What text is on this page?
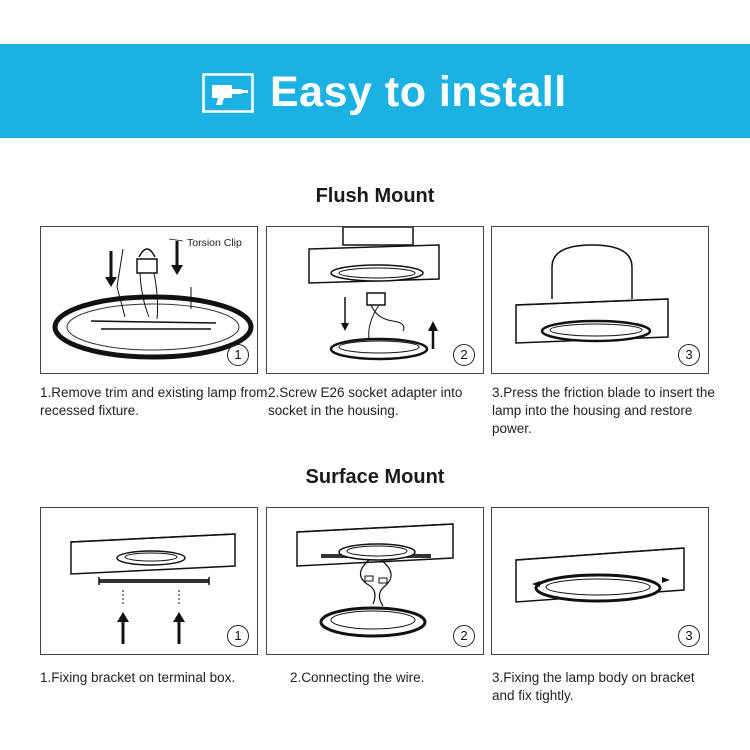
Easy to install
Flush Mount
Torsion Clip
1	2	3
1.Remove trim and existing lamp from recessed fixture.
2.Screw E26 socket adapter into socket in the housing.
3.Press the friction blade to insert the lamp into the housing and restore power.
Surface Mount
1	2	3
1.Fixing bracket on terminal box.	2.Connecting the wire.	3.Fixing the lamp body on bracket and fix tightly.
